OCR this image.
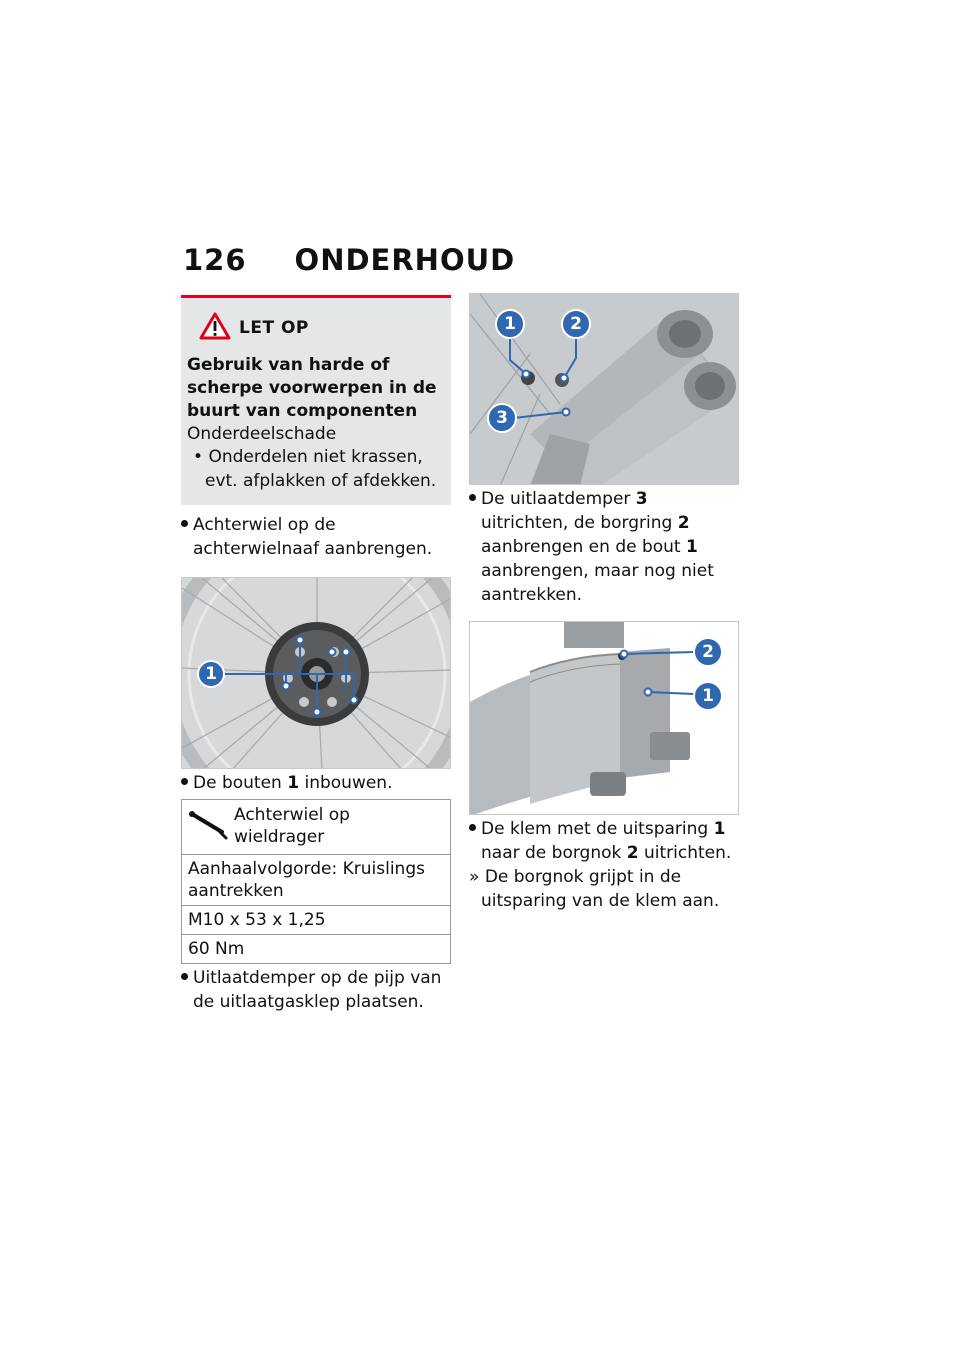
126 ONDERHOUD
LET OP
Gebruik van harde of scherpe voorwerpen in de buurt van componenten
Onderdeelschade
• Onderdelen niet krassen, evt. afplakken of afdekken.
Achterwiel op de achterwielnaaf aanbrengen.
1
De bouten 1 inbouwen.
Achterwiel op wieldrager
Aanhaalvolgorde: Kruislings aantrekken
M10 x 53 x 1,25
60 Nm
Uitlaatdemper op de pijp van de uitlaatgasklep plaatsen.
1	2
3
De uitlaatdemper 3 uitrichten, de borgring 2 aanbrengen en de bout 1 aanbrengen, maar nog niet aantrekken.
2
1
De klem met de uitsparing 1 naar de borgnok 2 uitrichten.
» De borgnok grijpt in de uitsparing van de klem aan.
